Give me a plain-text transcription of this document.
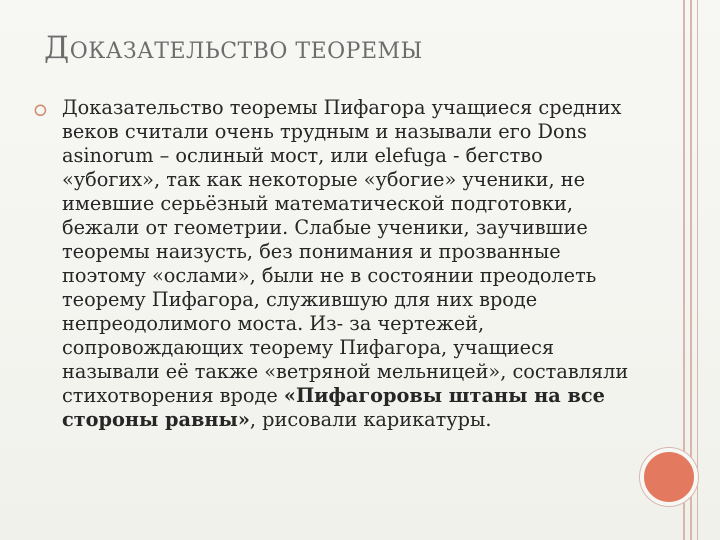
ДОКАЗАТЕЛЬСТВО ТЕОРЕМЫ
⭘ Доказательство теоремы Пифагора учащиеся средних веков считали очень трудным и называли его Dons asinorum – ослиный мост, или elefuga - бегство «убогих», так как некоторые «убогие» ученики, не имевшие серьёзный математической подготовки, бежали от геометрии. Слабые ученики, заучившие теоремы наизусть, без понимания и прозванные поэтому «ослами», были не в состоянии преодолеть теорему Пифагора, служившую для них вроде непреодолимого моста. Из- за чертежей, сопровождающих теорему Пифагора, учащиеся называли её также «ветряной мельницей», составляли стихотворения вроде «Пифагоровы штаны на все стороны равны», рисовали карикатуры.
